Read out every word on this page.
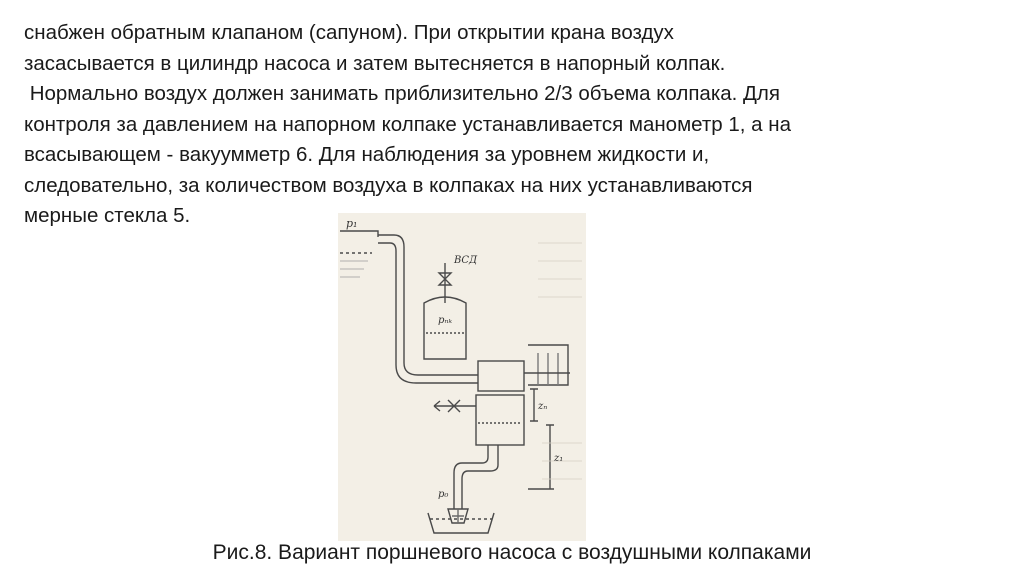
снабжен обратным клапаном (сапуном). При открытии крана воздух
засасывается в цилиндр насоса и затем вытесняется в напорный колпак.
Нормально воздух должен занимать приблизительно 2/3 объема колпака. Для
контроля за давлением на напорном колпаке устанавливается манометр 1, а на
всасывающем - вакуумметр 6. Для наблюдения за уровнем жидкости и,
следовательно, за количеством воздуха в колпаках на них устанавливаются
мерные стекла 5.	p₁
ВСД
pₙₖ
zₙ
z₁
p₀
Рис.8. Вариант поршневого насоса с воздушными колпаками
